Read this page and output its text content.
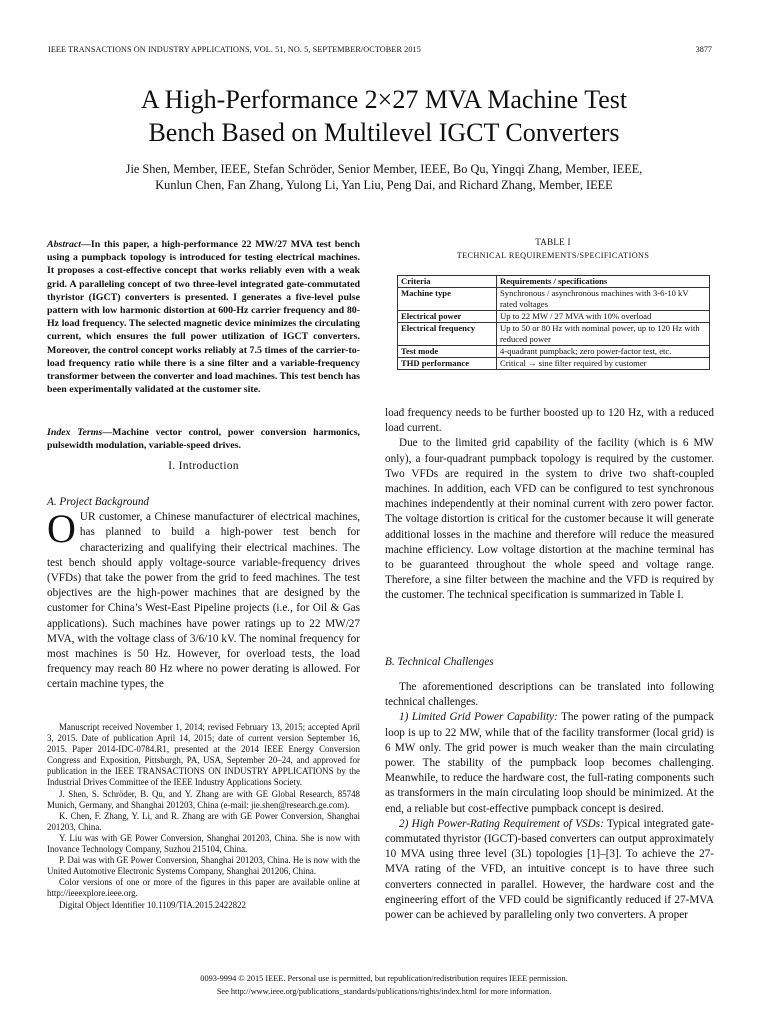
IEEE TRANSACTIONS ON INDUSTRY APPLICATIONS, VOL. 51, NO. 5, SEPTEMBER/OCTOBER 2015	3877
A High-Performance 2×27 MVA Machine Test
Bench Based on Multilevel IGCT Converters
Jie Shen, Member, IEEE, Stefan Schröder, Senior Member, IEEE, Bo Qu, Yingqi Zhang, Member, IEEE,
Kunlun Chen, Fan Zhang, Yulong Li, Yan Liu, Peng Dai, and Richard Zhang, Member, IEEE
Abstract—In this paper, a high-performance 22 MW/27 MVA test bench using a pumpback topology is introduced for testing electrical machines. It proposes a cost-effective concept that works reliably even with a weak grid. A paralleling concept of two three-level integrated gate-commutated thyristor (IGCT) converters is presented. I generates a five-level pulse pattern with low harmonic distortion at 600-Hz carrier frequency and 80-Hz load frequency. The selected magnetic device minimizes the circulating current, which ensures the full power utilization of IGCT converters. Moreover, the control concept works reliably at 7.5 times of the carrier-to-load frequency ratio while there is a sine filter and a variable-frequency transformer between the converter and load machines. This test bench has been experimentally validated at the customer site.
Index Terms—Machine vector control, power conversion harmonics, pulsewidth modulation, variable-speed drives.
I. Introduction
A. Project Background
O UR customer, a Chinese manufacturer of electrical machines, has planned to build a high-power test bench for characterizing and qualifying their electrical machines. The test bench should apply voltage-source variable-frequency drives (VFDs) that take the power from the grid to feed machines. The test objectives are the high-power machines that are designed by the customer for China’s West-East Pipeline projects (i.e., for Oil & Gas applications). Such machines have power ratings up to 22 MW/27 MVA, with the voltage class of 3/6/10 kV. The nominal frequency for most machines is 50 Hz. However, for overload tests, the load frequency may reach 80 Hz where no power derating is allowed. For certain machine types, the

Manuscript received November 1, 2014; revised February 13, 2015; accepted April 3, 2015. Date of publication April 14, 2015; date of current version September 16, 2015. Paper 2014-IDC-0784.R1, presented at the 2014 IEEE Energy Conversion Congress and Exposition, Pittsburgh, PA, USA, September 20–24, and approved for publication in the IEEE TRANSACTIONS ON INDUSTRY APPLICATIONS by the Industrial Drives Committee of the IEEE Industry Applications Society.

J. Shen, S. Schröder, B. Qu, and Y. Zhang are with GE Global Research, 85748 Munich, Germany, and Shanghai 201203, China (e-mail: jie.shen@research.ge.com).

K. Chen, F. Zhang, Y. Li, and R. Zhang are with GE Power Conversion, Shanghai 201203, China.

Y. Liu was with GE Power Conversion, Shanghai 201203, China. She is now with Inovance Technology Company, Suzhou 215104, China.

P. Dai was with GE Power Conversion, Shanghai 201203, China. He is now with the United Automotive Electronic Systems Company, Shanghai 201206, China.

Color versions of one or more of the figures in this paper are available online at http://ieeexplore.ieee.org.

Digital Object Identifier 10.1109/TIA.2015.2422822

TABLE I
TECHNICAL REQUIREMENTS/SPECIFICATIONS
Criteria	Requirements / specifications
Machine type	Synchronous / asynchronous machines with 3-6-10 kV rated voltages
Electrical power	Up to 22 MW / 27 MVA with 10% overload
Electrical frequency	Up to 50 or 80 Hz with nominal power, up to 120 Hz with reduced power
Test mode	4-quadrant pumpback; zero power-factor test, etc.
THD performance	Critical → sine filter required by customer

load frequency needs to be further boosted up to 120 Hz, with a reduced load current.

Due to the limited grid capability of the facility (which is 6 MW only), a four-quadrant pumpback topology is required by the customer. Two VFDs are required in the system to drive two shaft-coupled machines. In addition, each VFD can be configured to test synchronous machines independently at their nominal current with zero power factor. The voltage distortion is critical for the customer because it will generate additional losses in the machine and therefore will reduce the measured machine efficiency. Low voltage distortion at the machine terminal has to be guaranteed throughout the whole speed and voltage range. Therefore, a sine filter between the machine and the VFD is required by the customer. The technical specification is summarized in Table I.

B. Technical Challenges

The aforementioned descriptions can be translated into following technical challenges.

1) Limited Grid Power Capability: The power rating of the pumpack loop is up to 22 MW, while that of the facility transformer (local grid) is 6 MW only. The grid power is much weaker than the main circulating power. The stability of the pumpback loop becomes challenging. Meanwhile, to reduce the hardware cost, the full-rating components such as transformers in the main circulating loop should be minimized. At the end, a reliable but cost-effective pumpback concept is desired.

2) High Power-Rating Requirement of VSDs: Typical integrated gate-commutated thyristor (IGCT)-based converters can output approximately 10 MVA using three level (3L) topologies [1]–[3]. To achieve the 27-MVA rating of the VFD, an intuitive concept is to have three such converters connected in parallel. However, the hardware cost and the engineering effort of the VFD could be significantly reduced if 27-MVA power can be achieved by paralleling only two converters. A proper

0093-9994 © 2015 IEEE. Personal use is permitted, but republication/redistribution requires IEEE permission.
See http://www.ieee.org/publications_standards/publications/rights/index.html for more information.
